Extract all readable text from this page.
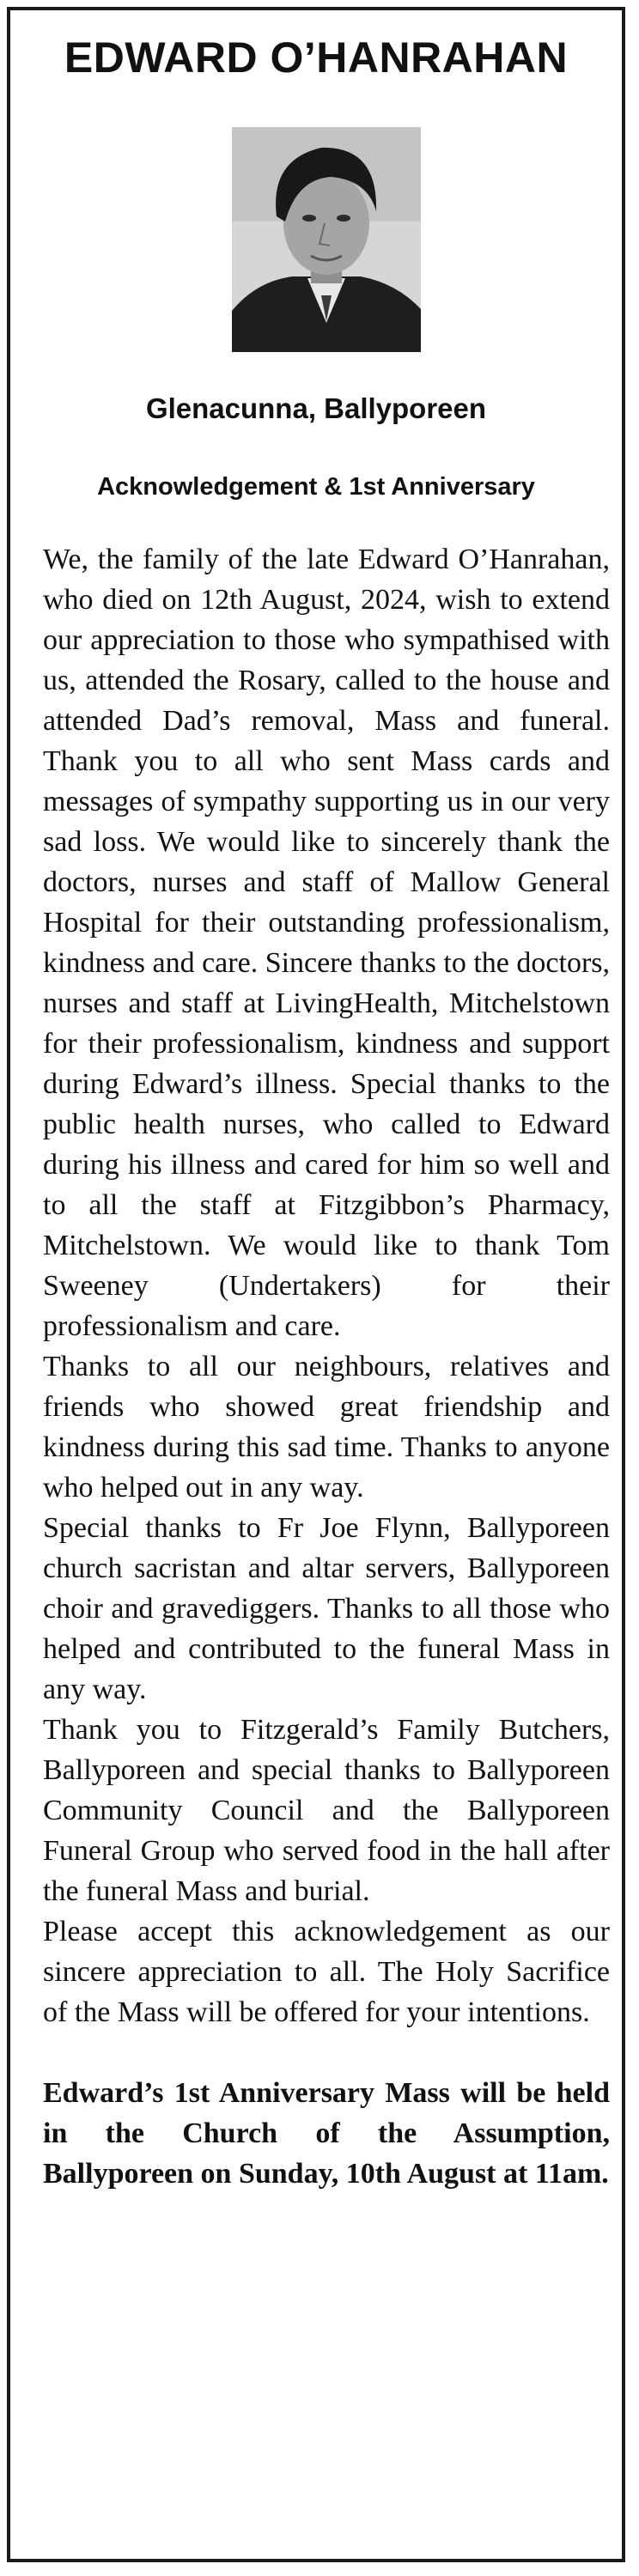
EDWARD O’HANRAHAN
Glenacunna, Ballyporeen
Acknowledgement & 1st Anniversary

We, the family of the late Edward O’Hanrahan, who died on 12th August, 2024, wish to extend our appreciation to those who sympathised with us, attended the Rosary, called to the house and attended Dad’s removal, Mass and funeral. Thank you to all who sent Mass cards and messages of sympathy supporting us in our very sad loss. We would like to sincerely thank the doctors, nurses and staff of Mallow General Hospital for their outstanding professionalism, kindness and care. Sincere thanks to the doctors, nurses and staff at LivingHealth, Mitchelstown for their professionalism, kindness and support during Edward’s illness. Special thanks to the public health nurses, who called to Edward during his illness and cared for him so well and to all the staff at Fitzgibbon’s Pharmacy, Mitchelstown. We would like to thank Tom Sweeney (Undertakers) for their professionalism and care.

Thanks to all our neighbours, relatives and friends who showed great friendship and kindness during this sad time. Thanks to anyone who helped out in any way.

Special thanks to Fr Joe Flynn, Ballyporeen church sacristan and altar servers, Ballyporeen choir and gravediggers. Thanks to all those who helped and contributed to the funeral Mass in any way.

Thank you to Fitzgerald’s Family Butchers, Ballyporeen and special thanks to Ballyporeen Community Council and the Ballyporeen Funeral Group who served food in the hall after the funeral Mass and burial.

Please accept this acknowledgement as our sincere appreciation to all. The Holy Sacrifice of the Mass will be offered for your intentions.

Edward’s 1st Anniversary Mass will be held in the Church of the Assumption, Ballyporeen on Sunday, 10th August at 11am.
